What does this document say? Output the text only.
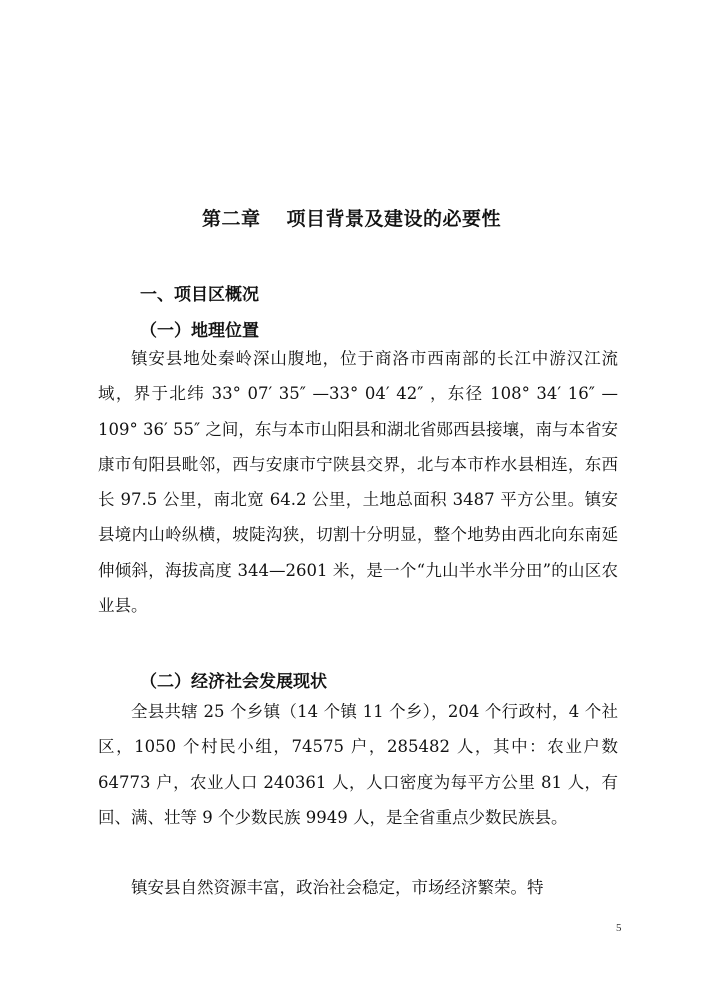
第二章 项目背景及建设的必要性
一、项目区概况
（一）地理位置

镇安县地处秦岭深山腹地，位于商洛市西南部的长江中游汉江流域，界于北纬 33° 07′ 35″ —33° 04′ 42″ ，东径 108° 34′ 16″ —109° 36′ 55″ 之间，东与本市山阳县和湖北省郧西县接壤，南与本省安康市旬阳县毗邻，西与安康市宁陕县交界，北与本市柞水县相连，东西长 97.5 公里，南北宽 64.2 公里，土地总面积 3487 平方公里。镇安县境内山岭纵横，坡陡沟狭，切割十分明显，整个地势由西北向东南延伸倾斜，海拔高度 344—2601 米，是一个“九山半水半分田”的山区农业县。

（二）经济社会发展现状

全县共辖 25 个乡镇（14 个镇 11 个乡），204 个行政村，4 个社区，1050 个村民小组，74575 户，285482 人，其中：农业户数 64773 户，农业人口 240361 人，人口密度为每平方公里 81 人，有回、满、壮等 9 个少数民族 9949 人，是全省重点少数民族县。

镇安县自然资源丰富，政治社会稳定，市场经济繁荣。特

5
